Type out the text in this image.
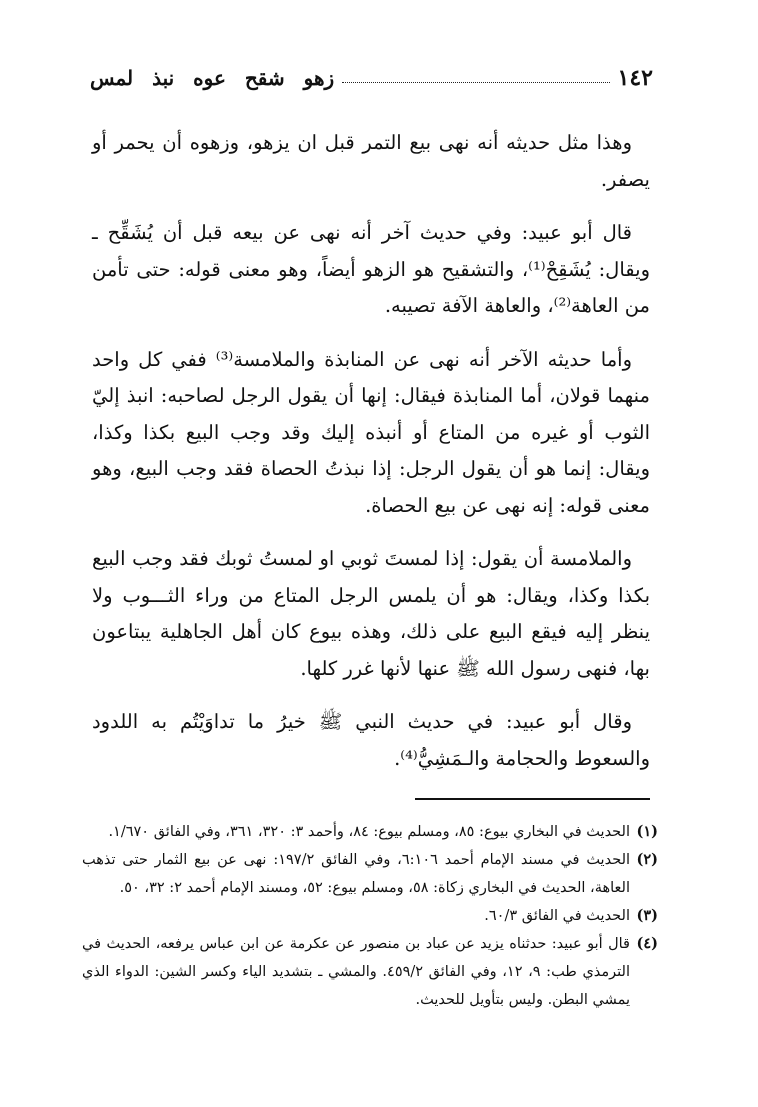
١٤٢
زهو شقح عوه نبذ لمس

وهذا مثل حديثه أنه نهى بيع التمر قبل ان يزهو، وزهوه أن يحمر أو يصفر.

قال أبو عبيد: وفي حديث آخر أنه نهى عن بيعه قبل أن يُشَقِّح ـ ويقال: يُشَقِحْ⁽¹⁾، والتشقيح هو الزهو أيضاً، وهو معنى قوله: حتى تأمن من العاهة⁽²⁾، والعاهة الآفة تصيبه.

وأما حديثه الآخر أنه نهى عن المنابذة والملامسة⁽³⁾ ففي كل واحد منهما قولان، أما المنابذة فيقال: إنها أن يقول الرجل لصاحبه: انبذ إليّ الثوب أو غيره من المتاع أو أنبذه إليك وقد وجب البيع بكذا وكذا، ويقال: إنما هو أن يقول الرجل: إذا نبذتُ الحصاة فقد وجب البيع، وهو معنى قوله: إنه نهى عن بيع الحصاة.

والملامسة أن يقول: إذا لمستَ ثوبي او لمستُ ثوبك فقد وجب البيع بكذا وكذا، ويقال: هو أن يلمس الرجل المتاع من وراء الثـــوب ولا ينظر إليه فيقع البيع على ذلك، وهذه بيوع كان أهل الجاهلية يبتاعون بها، فنهى رسول الله ﷺ عنها لأنها غرر كلها.

وقال أبو عبيد: في حديث النبي ﷺ خيرُ ما تداوَيْتُم به اللدود والسعوط والحجامة والـمَشِيُّ⁽⁴⁾.

(١)
الحديث في البخاري بيوع: ٨٥، ومسلم بيوع: ٨٤، وأحمد ٣: ٣٢٠، ٣٦١، وفي الفائق ١/٦٧٠.
(٢)
الحديث في مسند الإمام أحمد ٦:١٠٦، وفي الفائق ١٩٧/٢: نهى عن بيع الثمار حتى تذهب العاهة، الحديث في البخاري زكاة: ٥٨، ومسلم بيوع: ٥٢، ومسند الإمام أحمد ٢: ٣٢، ٥٠.
(٣)
الحديث في الفائق ٦٠/٣.
(٤)
قال أبو عبيد: حدثناه يزيد عن عباد بن منصور عن عكرمة عن ابن عباس يرفعه، الحديث في الترمذي طب: ٩، ١٢، وفي الفائق ٤٥٩/٢. والمشي ـ بتشديد الياء وكسر الشين: الدواء الذي يمشي البطن. وليس بتأويل للحديث.
